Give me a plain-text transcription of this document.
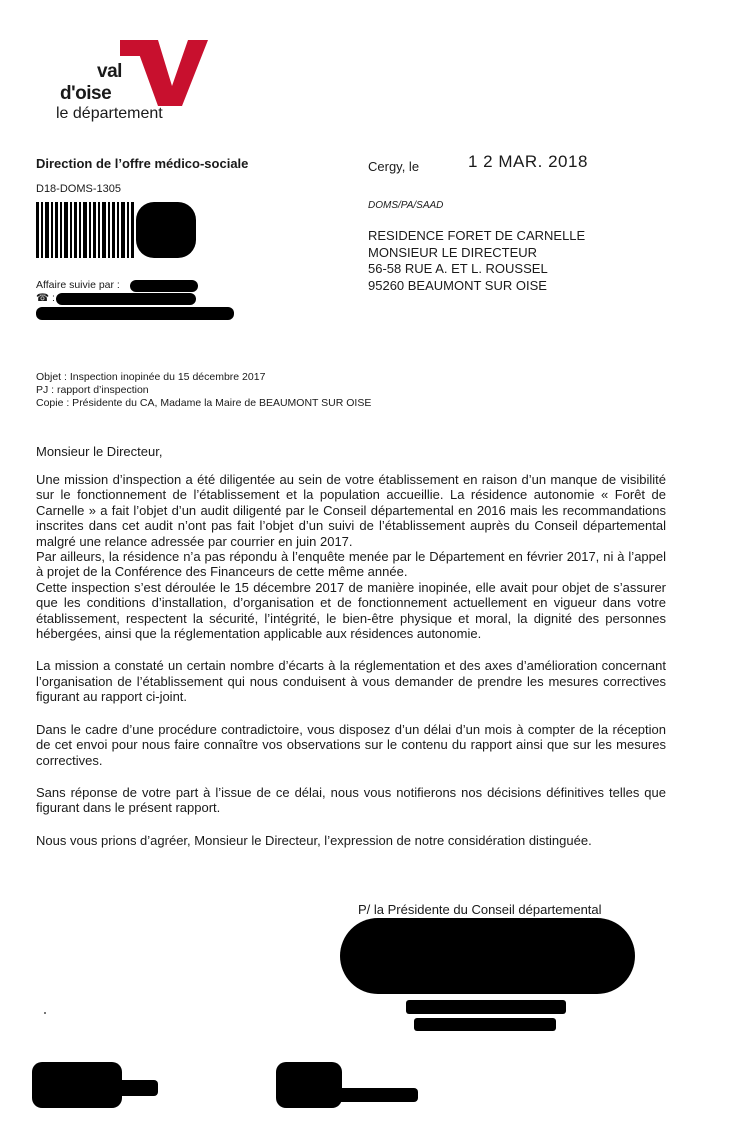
val
d'oise
le département
Direction de l’offre médico-sociale
D18-DOMS-1305
Affaire suivie par :
☎ :
Cergy, le	1 2 MAR. 2018
DOMS/PA/SAAD
RESIDENCE FORET DE CARNELLE
MONSIEUR LE DIRECTEUR
56-58 RUE A. ET L. ROUSSEL
95260 BEAUMONT SUR OISE
Objet : Inspection inopinée du 15 décembre 2017
PJ : rapport d’inspection
Copie : Présidente du CA, Madame la Maire de BEAUMONT SUR OISE
Monsieur le Directeur,

Une mission d’inspection a été diligentée au sein de votre établissement en raison d’un manque de visibilité sur le fonctionnement de l’établissement et la population accueillie. La résidence autonomie « Forêt de Carnelle » a fait l’objet d’un audit diligenté par le Conseil départemental en 2016 mais les recommandations inscrites dans cet audit n’ont pas fait l’objet d’un suivi de l’établissement auprès du Conseil départemental malgré une relance adressée par courrier en juin 2017.

Par ailleurs, la résidence n’a pas répondu à l’enquête menée par le Département en février 2017, ni à l’appel à projet de la Conférence des Financeurs de cette même année.

Cette inspection s’est déroulée le 15 décembre 2017 de manière inopinée, elle avait pour objet de s’assurer que les conditions d’installation, d’organisation et de fonctionnement actuellement en vigueur dans votre établissement, respectent la sécurité, l’intégrité, le bien-être physique et moral, la dignité des personnes hébergées, ainsi que la réglementation applicable aux résidences autonomie.

La mission a constaté un certain nombre d’écarts à la réglementation et des axes d’amélioration concernant l’organisation de l’établissement qui nous conduisent à vous demander de prendre les mesures correctives figurant au rapport ci-joint.

Dans le cadre d’une procédure contradictoire, vous disposez d’un délai d’un mois à compter de la réception de cet envoi pour nous faire connaître vos observations sur le contenu du rapport ainsi que sur les mesures correctives.

Sans réponse de votre part à l’issue de ce délai, nous vous notifierons nos décisions définitives telles que figurant dans le présent rapport.

Nous vous prions d’agréer, Monsieur le Directeur, l’expression de notre considération distinguée.

P/ la Présidente du Conseil départemental
